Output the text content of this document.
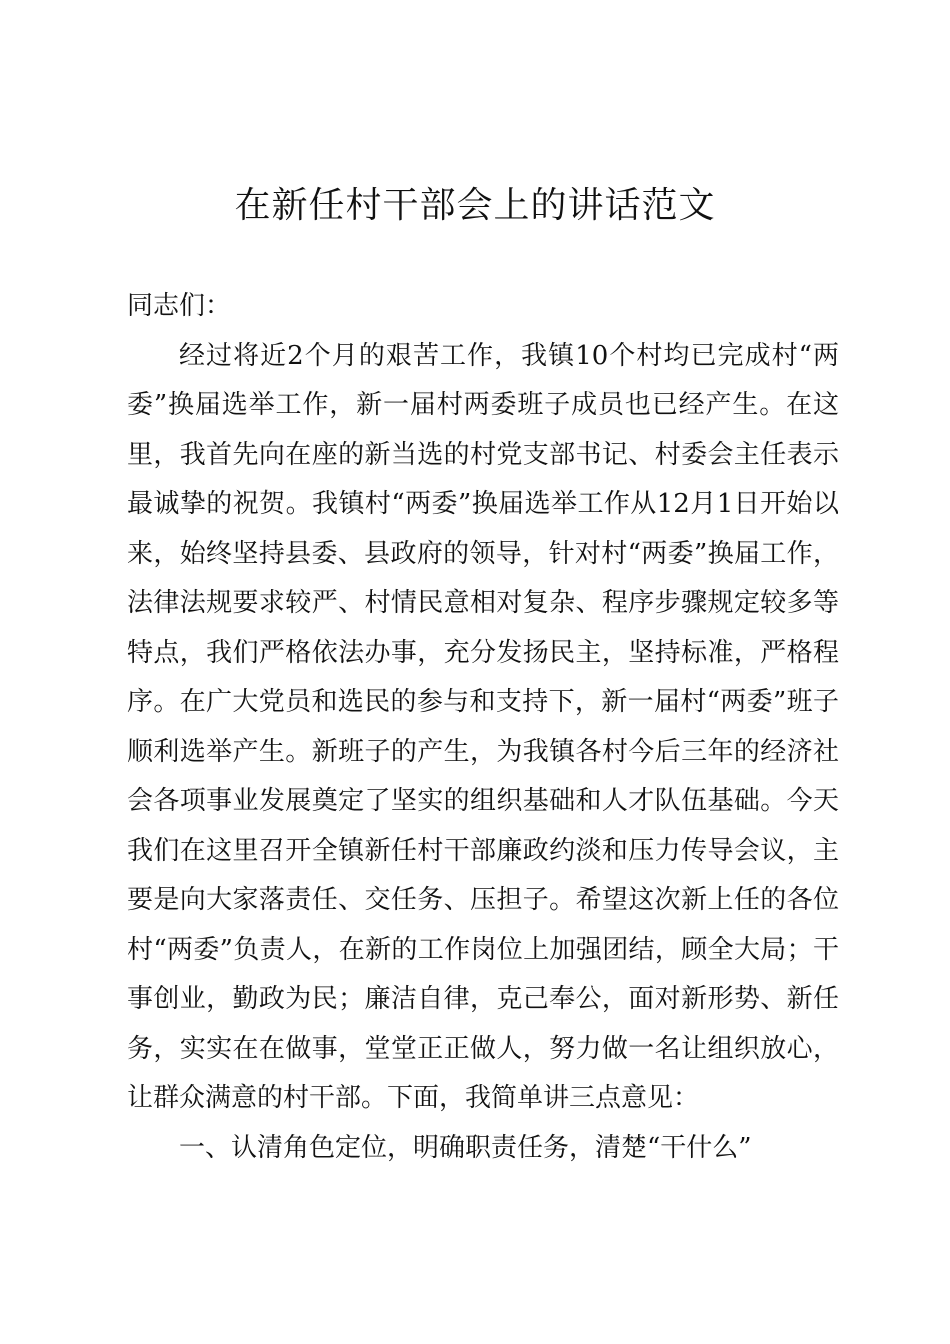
在新任村干部会上的讲话范文

同志们：

经过将近2个月的艰苦工作，我镇10个村均已完成村“两委”换届选举工作，新一届村两委班子成员也已经产生。在这里，我首先向在座的新当选的村党支部书记、村委会主任表示最诚挚的祝贺。我镇村“两委”换届选举工作从12月1日开始以来，始终坚持县委、县政府的领导，针对村“两委”换届工作，法律法规要求较严、村情民意相对复杂、程序步骤规定较多等特点，我们严格依法办事，充分发扬民主，坚持标准，严格程序。在广大党员和选民的参与和支持下，新一届村“两委”班子顺利选举产生。新班子的产生，为我镇各村今后三年的经济社会各项事业发展奠定了坚实的组织基础和人才队伍基础。今天我们在这里召开全镇新任村干部廉政约淡和压力传导会议，主要是向大家落责任、交任务、压担子。希望这次新上任的各位村“两委”负责人，在新的工作岗位上加强团结，顾全大局；干事创业，勤政为民；廉洁自律，克己奉公，面对新形势、新任务，实实在在做事，堂堂正正做人，努力做一名让组织放心，让群众满意的村干部。下面，我简单讲三点意见：

一、认清角色定位，明确职责任务，清楚“干什么”
